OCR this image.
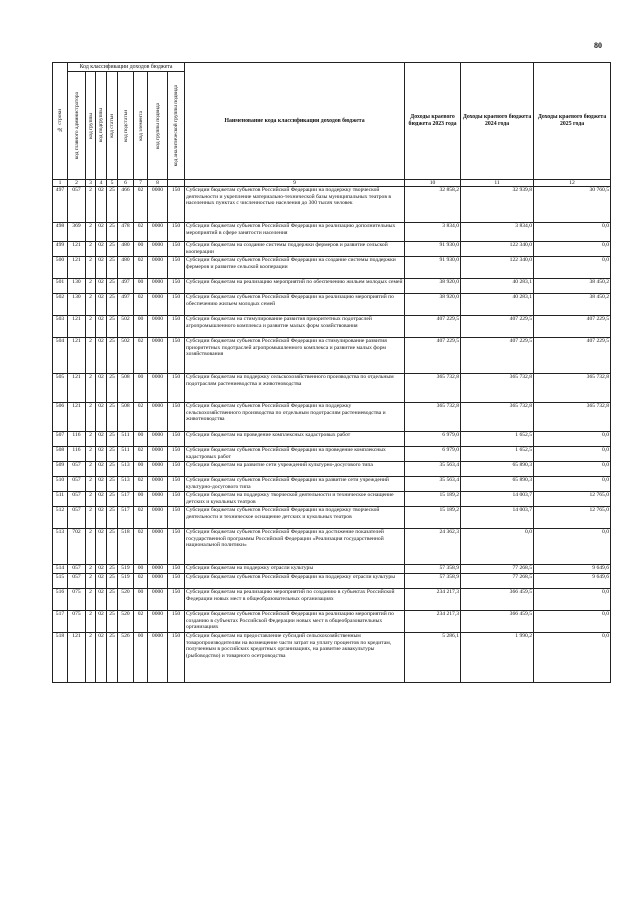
80
№ строки	Код классификации доходов бюджета								Наименование кода классификации доходов бюджета	Доходы краевого бюджета 2023 года	Доходы краевого бюджета 2024 года	Доходы краевого бюджета 2025 года

	код главного администратора	код группы	код подгруппы	код статьи	код подстатьи	код элемента	код группы подвида	код аналитической группы подвида				

1	2	3	4	5	6	7	8		9	10	11	12
497	057	2	02	25	466	02	0000	150	Субсидии бюджетам субъектов Российской Федерации на поддержку творческой деятельности и укрепление материально-технической базы муниципальных театров в населенных пунктах с численностью населения до 300 тысяч человек	32 858,2	32 939,8	30 760,5
498	369	2	02	25	478	02	0000	150	Субсидии бюджетам субъектов Российской Федерации на реализацию дополнительных мероприятий в сфере занятости населения	3 834,0	3 834,0	0,0
499	121	2	02	25	480	00	0000	150	Субсидии бюджетам на создание системы поддержки фермеров и развитие сельской кооперации	91 930,0	122 340,0	0,0
500	121	2	02	25	480	02	0000	150	Субсидии бюджетам субъектов Российской Федерации на создание системы поддержки фермеров и развитие сельской кооперации	91 930,0	122 340,0	0,0
501	130	2	02	25	497	00	0000	150	Субсидии бюджетам на реализацию мероприятий по обеспечению жильем молодых семей	38 920,0	40 283,1	38 450,2
502	130	2	02	25	497	02	0000	150	Субсидии бюджетам субъектов Российской Федерации на реализацию мероприятий по обеспечению жильем молодых семей	38 920,0	40 283,1	38 450,2
503	121	2	02	25	502	00	0000	150	Субсидии бюджетам на стимулирование развития приоритетных подотраслей агропромышленного комплекса и развитие малых форм хозяйствования	407 229,5	407 229,5	407 229,5
504	121	2	02	25	502	02	0000	150	Субсидии бюджетам субъектов Российской Федерации на стимулирование развития приоритетных подотраслей агропромышленного комплекса и развитие малых форм хозяйствования	407 229,5	407 229,5	407 229,5
505	121	2	02	25	508	00	0000	150	Субсидии бюджетам на поддержку сельскохозяйственного производства по отдельным подотраслям растениеводства и животноводства	365 732,8	365 732,8	365 732,8
506	121	2	02	25	508	02	0000	150	Субсидии бюджетам субъектов Российской Федерации на поддержку сельскохозяйственного производства по отдельным подотраслям растениеводства и животноводства	365 732,8	365 732,8	365 732,8
507	116	2	02	25	511	00	0000	150	Субсидии бюджетам на проведение комплексных кадастровых работ	6 979,0	1 652,5	0,0
508	116	2	02	25	511	02	0000	150	Субсидии бюджетам субъектов Российской Федерации на проведение комплексных кадастровых работ	6 979,0	1 652,5	0,0
509	057	2	02	25	513	00	0000	150	Субсидии бюджетам на развитие сети учреждений культурно-досугового типа	35 563,4	65 890,3	0,0
510	057	2	02	25	513	02	0000	150	Субсидии бюджетам субъектов Российской Федерации на развитие сети учреждений культурно-досугового типа	35 563,4	65 890,3	0,0
511	057	2	02	25	517	00	0000	150	Субсидии бюджетам на поддержку творческой деятельности и техническое оснащение детских и кукольных театров	15 189,2	14 003,7	12 765,0
512	057	2	02	25	517	02	0000	150	Субсидии бюджетам субъектов Российской Федерации на поддержку творческой деятельности и техническое оснащение детских и кукольных театров	15 189,2	14 003,7	12 765,0
513	702	2	02	25	518	02	0000	150	Субсидии бюджетам субъектов Российской Федерации на достижение показателей государственной программы Российской Федерации «Реализация государственной национальной политики»	24 362,3	0,0	0,0
514	057	2	02	25	519	00	0000	150	Субсидии бюджетам на поддержку отрасли культуры	57 358,9	77 268,5	9 649,6
515	057	2	02	25	519	02	0000	150	Субсидии бюджетам субъектов Российской Федерации на поддержку отрасли культуры	57 358,9	77 268,5	9 649,6
516	075	2	02	25	520	00	0000	150	Субсидии бюджетам на реализацию мероприятий по созданию в субъектах Российской Федерации новых мест в общеобразовательных организациях	234 217,3	366 459,5	0,0
517	075	2	02	25	520	02	0000	150	Субсидии бюджетам субъектов Российской Федерации на реализацию мероприятий по созданию в субъектах Российской Федерации новых мест в общеобразовательных организациях	234 217,3	366 459,5	0,0
518	121	2	02	25	526	00	0000	150	Субсидии бюджетам на предоставление субсидий сельскохозяйственным товаропроизводителям на возмещение части затрат на уплату процентов по кредитам, полученным в российских кредитных организациях, на развитие аквакультуры (рыбоводство) и товарного осетроводства	5 286,1	1 990,2	0,0
